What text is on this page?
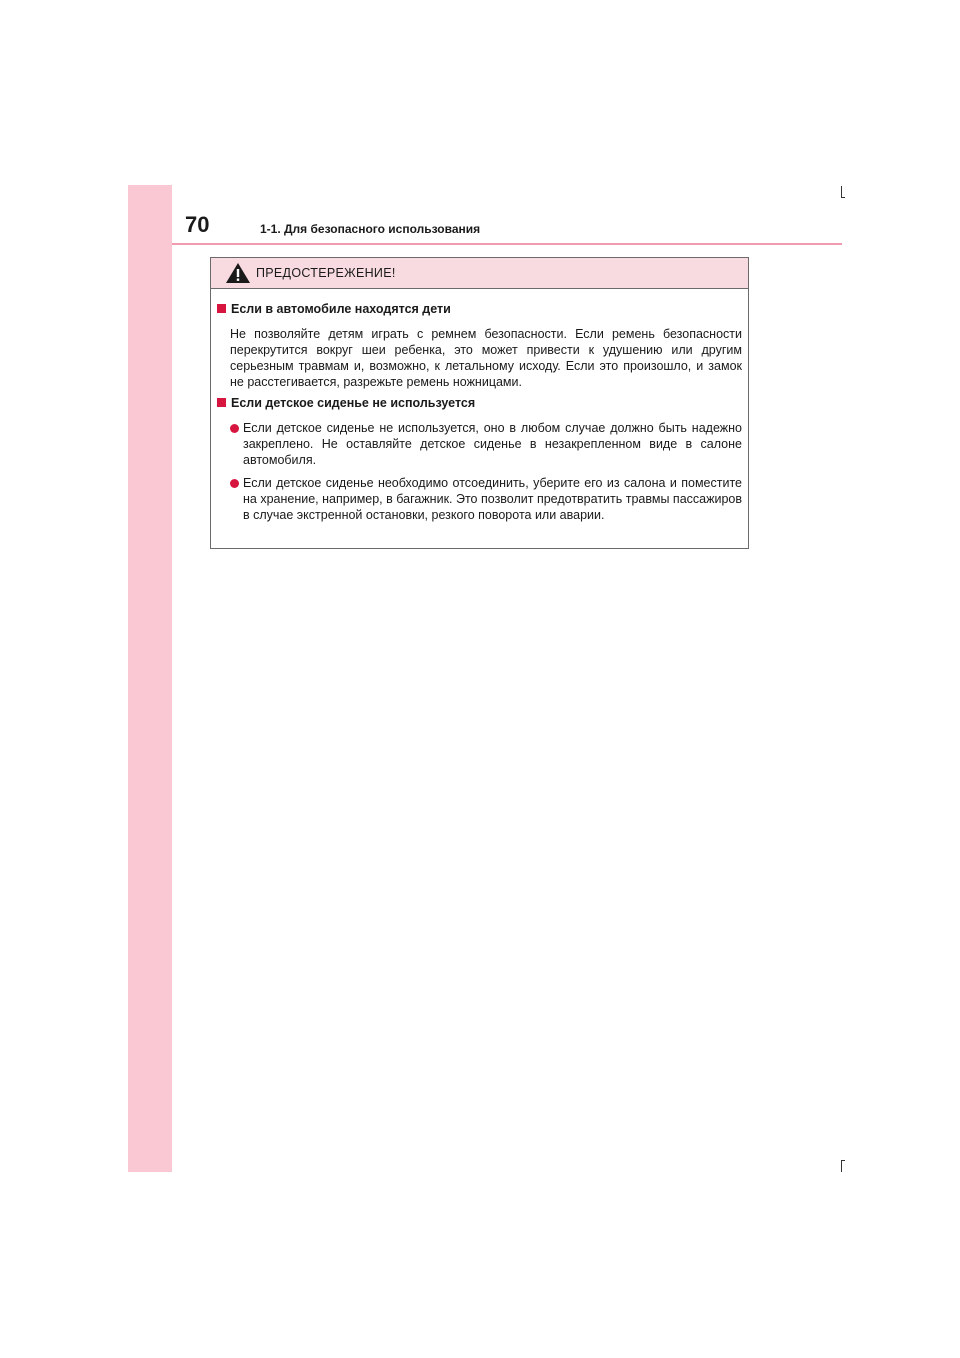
70	1-1. Для безопасного использования
ПРЕДОСТЕРЕЖЕНИЕ!
Если в автомобиле находятся дети
Не позволяйте детям играть с ремнем безопасности. Если ремень безопасности перекрутится вокруг шеи ребенка, это может привести к удушению или другим серьезным травмам и, возможно, к летальному исходу. Если это произошло, и замок не расстегивается, разрежьте ремень ножницами.
Если детское сиденье не используется
Если детское сиденье не используется, оно в любом случае должно быть надежно закреплено. Не оставляйте детское сиденье в незакрепленном виде в салоне автомобиля.
Если детское сиденье необходимо отсоединить, уберите его из салона и поместите на хранение, например, в багажник. Это позволит предотвратить травмы пассажиров в случае экстренной остановки, резкого поворота или аварии.
